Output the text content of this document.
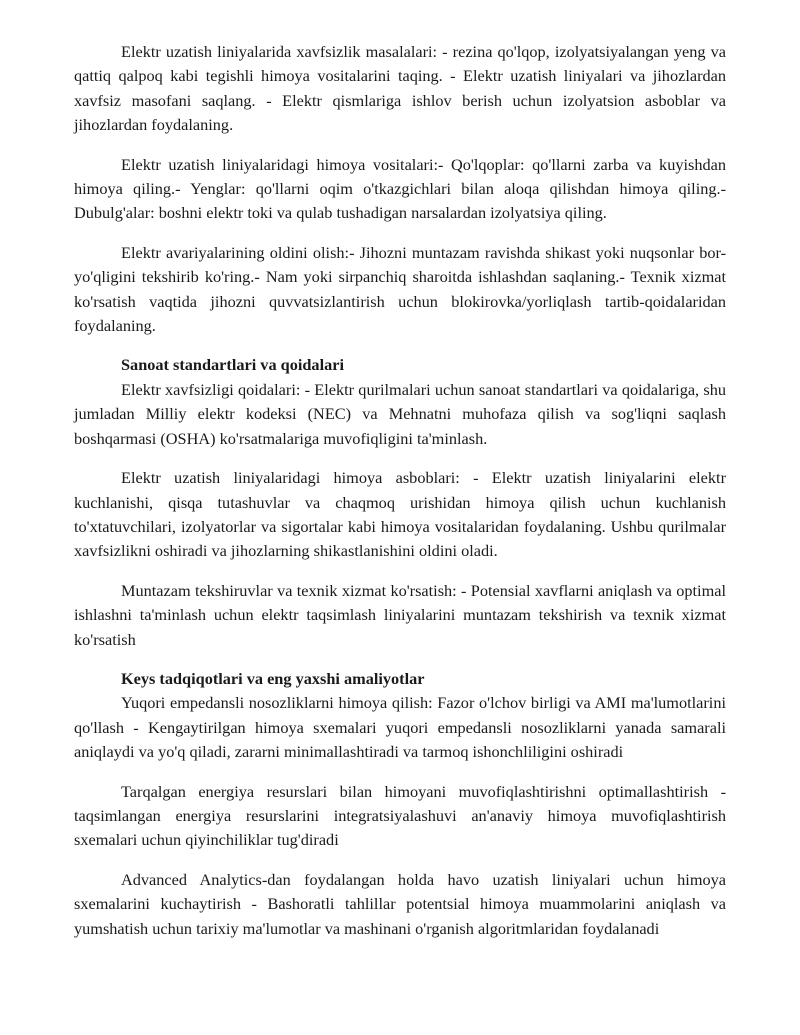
Elektr uzatish liniyalarida xavfsizlik masalalari: - rezina qo'lqop, izolyatsiyalangan yeng va qattiq qalpoq kabi tegishli himoya vositalarini taqing. - Elektr uzatish liniyalari va jihozlardan xavfsiz masofani saqlang. - Elektr qismlariga ishlov berish uchun izolyatsion asboblar va jihozlardan foydalaning.

Elektr uzatish liniyalaridagi himoya vositalari:- Qo'lqoplar: qo'llarni zarba va kuyishdan himoya qiling.- Yenglar: qo'llarni oqim o'tkazgichlari bilan aloqa qilishdan himoya qiling.- Dubulg'alar: boshni elektr toki va qulab tushadigan narsalardan izolyatsiya qiling.

Elektr avariyalarining oldini olish:- Jihozni muntazam ravishda shikast yoki nuqsonlar bor-yo'qligini tekshirib ko'ring.- Nam yoki sirpanchiq sharoitda ishlashdan saqlaning.- Texnik xizmat ko'rsatish vaqtida jihozni quvvatsizlantirish uchun blokirovka/yorliqlash tartib-qoidalaridan foydalaning.

Sanoat standartlari va qoidalari

Elektr xavfsizligi qoidalari: - Elektr qurilmalari uchun sanoat standartlari va qoidalariga, shu jumladan Milliy elektr kodeksi (NEC) va Mehnatni muhofaza qilish va sog'liqni saqlash boshqarmasi (OSHA) ko'rsatmalariga muvofiqligini ta'minlash.

Elektr uzatish liniyalaridagi himoya asboblari: - Elektr uzatish liniyalarini elektr kuchlanishi, qisqa tutashuvlar va chaqmoq urishidan himoya qilish uchun kuchlanish to'xtatuvchilari, izolyatorlar va sigortalar kabi himoya vositalaridan foydalaning. Ushbu qurilmalar xavfsizlikni oshiradi va jihozlarning shikastlanishini oldini oladi.

Muntazam tekshiruvlar va texnik xizmat ko'rsatish: - Potensial xavflarni aniqlash va optimal ishlashni ta'minlash uchun elektr taqsimlash liniyalarini muntazam tekshirish va texnik xizmat ko'rsatish

Keys tadqiqotlari va eng yaxshi amaliyotlar

Yuqori empedansli nosozliklarni himoya qilish: Fazor o'lchov birligi va AMI ma'lumotlarini qo'llash - Kengaytirilgan himoya sxemalari yuqori empedansli nosozliklarni yanada samarali aniqlaydi va yo'q qiladi, zararni minimallashtiradi va tarmoq ishonchliligini oshiradi

Tarqalgan energiya resurslari bilan himoyani muvofiqlashtirishni optimallashtirish - taqsimlangan energiya resurslarini integratsiyalashuvi an'anaviy himoya muvofiqlashtirish sxemalari uchun qiyinchiliklar tug'diradi

Advanced Analytics-dan foydalangan holda havo uzatish liniyalari uchun himoya sxemalarini kuchaytirish - Bashoratli tahlillar potentsial himoya muammolarini aniqlash va yumshatish uchun tarixiy ma'lumotlar va mashinani o'rganish algoritmlaridan foydalanadi
